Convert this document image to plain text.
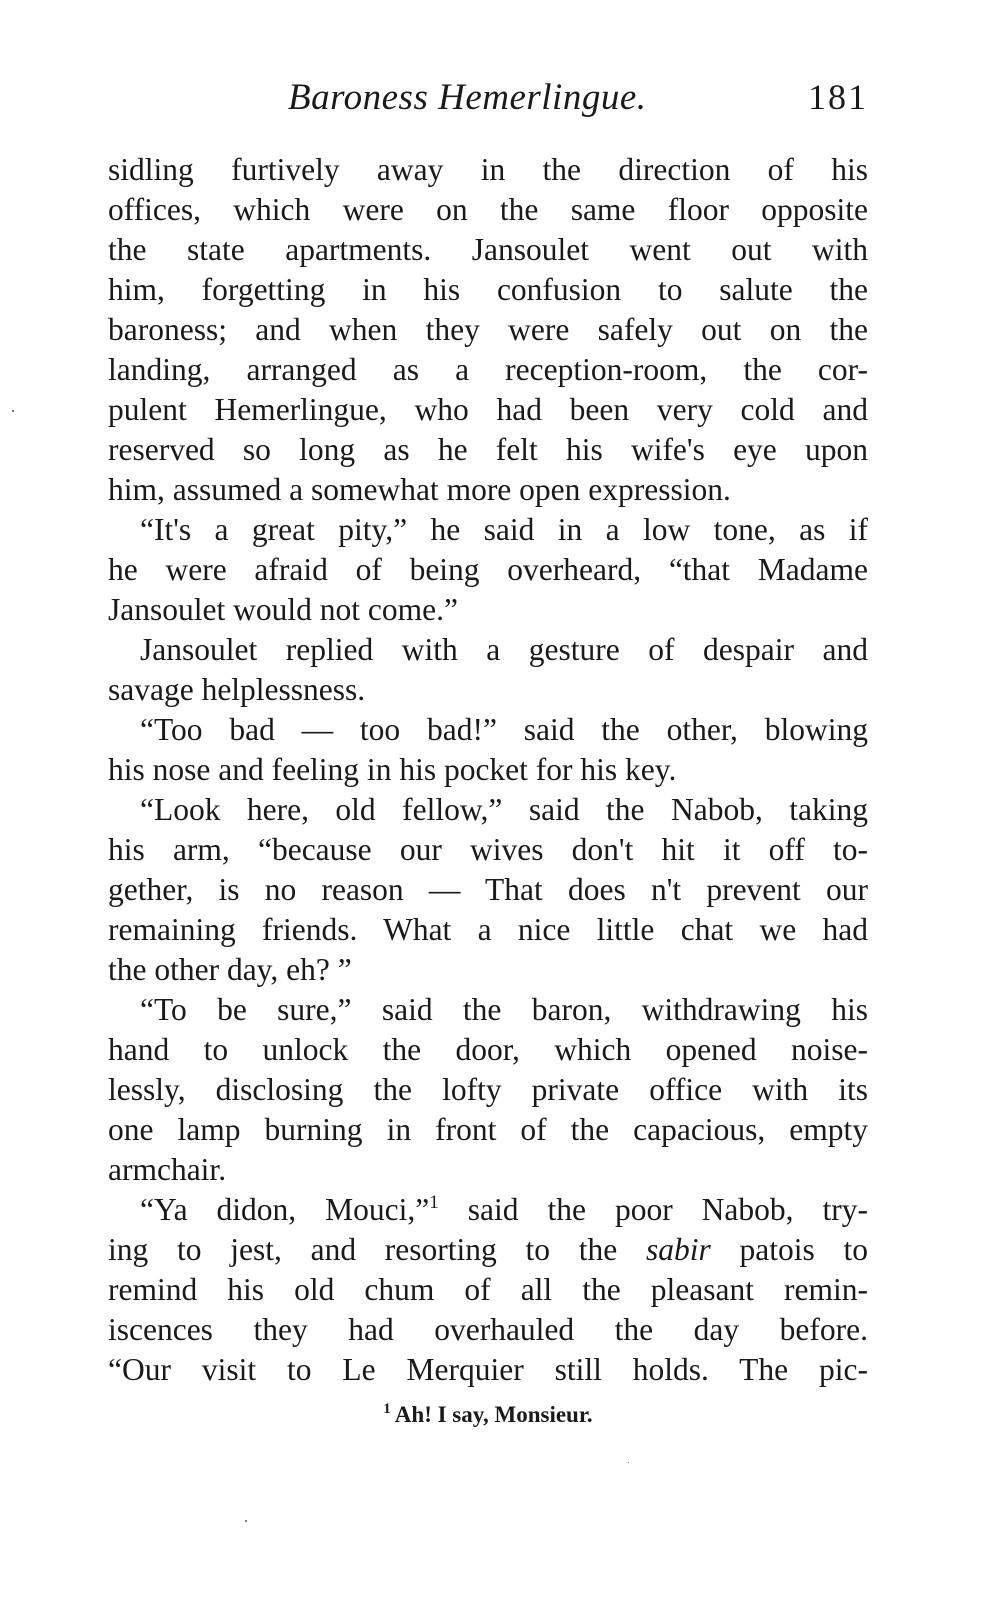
Baroness Hemerlingue.	181
sidling furtively away in the direction of his
offices, which were on the same floor opposite
the state apartments. Jansoulet went out with
him, forgetting in his confusion to salute the
baroness; and when they were safely out on the
landing, arranged as a reception-room, the cor-
pulent Hemerlingue, who had been very cold and
reserved so long as he felt his wife's eye upon
him, assumed a somewhat more open expression.
“It's a great pity,” he said in a low tone, as if
he were afraid of being overheard, “that Madame
Jansoulet would not come.”
Jansoulet replied with a gesture of despair and
savage helplessness.
“Too bad — too bad!” said the other, blowing
his nose and feeling in his pocket for his key.
“Look here, old fellow,” said the Nabob, taking
his arm, “because our wives don't hit it off to-
gether, is no reason — That does n't prevent our
remaining friends. What a nice little chat we had
the other day, eh? ”
“To be sure,” said the baron, withdrawing his
hand to unlock the door, which opened noise-
lessly, disclosing the lofty private office with its
one lamp burning in front of the capacious, empty
armchair.
“Ya didon, Mouci,”$^1$ said the poor Nabob, try-
ing to jest, and resorting to the sabir patois to
remind his old chum of all the pleasant remin-
iscences they had overhauled the day before.
“Our visit to Le Merquier still holds. The pic-
$^1$ Ah! I say, Monsieur.
